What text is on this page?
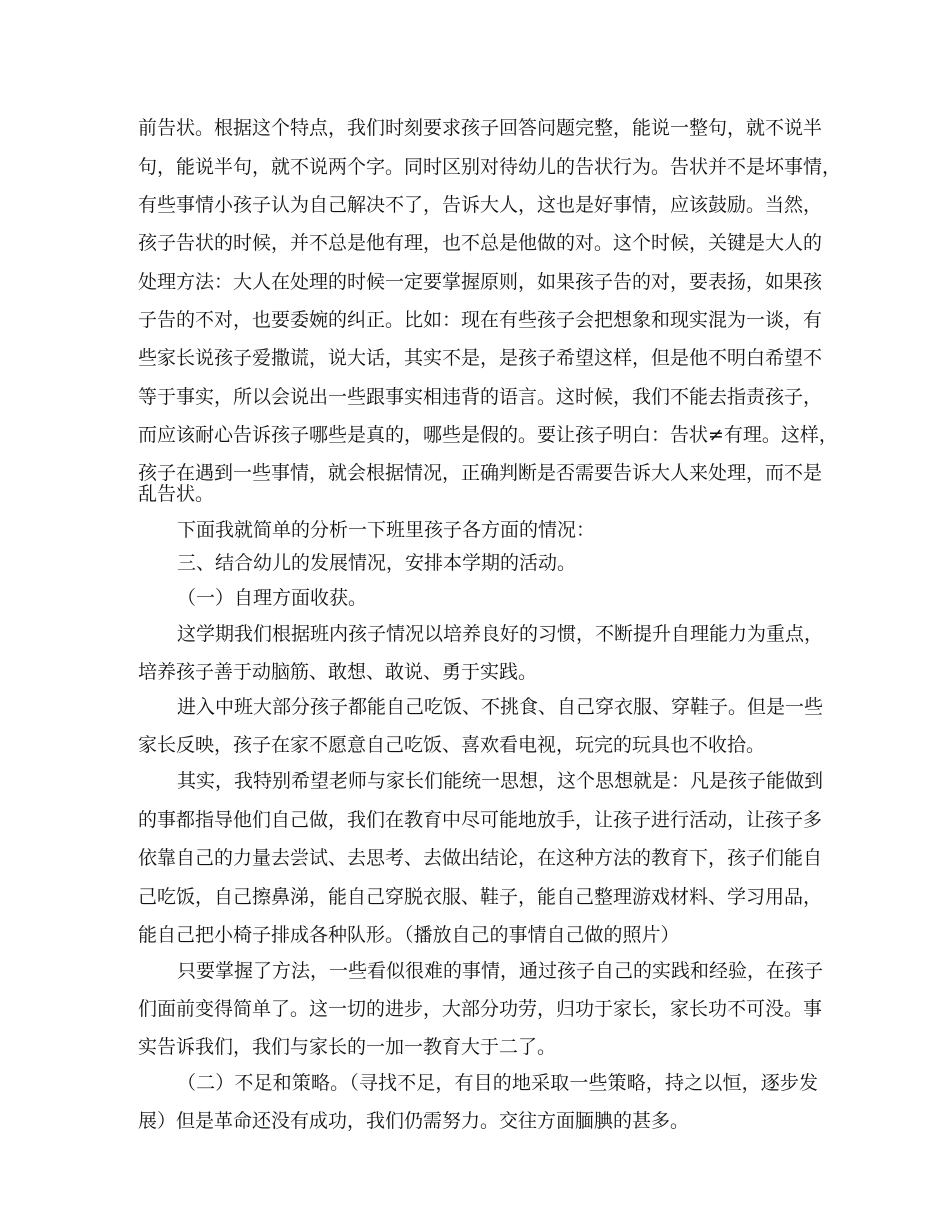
前告状。根据这个特点，我们时刻要求孩子回答问题完整，能说一整句，就不说半
句，能说半句，就不说两个字。同时区别对待幼儿的告状行为。告状并不是坏事情，
有些事情小孩子认为自己解决不了，告诉大人，这也是好事情，应该鼓励。当然，
孩子告状的时候，并不总是他有理，也不总是他做的对。这个时候，关键是大人的
处理方法：大人在处理的时候一定要掌握原则，如果孩子告的对，要表扬，如果孩
子告的不对，也要委婉的纠正。比如：现在有些孩子会把想象和现实混为一谈，有
些家长说孩子爱撒谎，说大话，其实不是，是孩子希望这样，但是他不明白希望不
等于事实，所以会说出一些跟事实相违背的语言。这时候，我们不能去指责孩子，
而应该耐心告诉孩子哪些是真的，哪些是假的。要让孩子明白：告状≠有理。这样，
孩子在遇到一些事情，就会根据情况，正确判断是否需要告诉大人来处理，而不是
乱告状。
下面我就简单的分析一下班里孩子各方面的情况：
三、结合幼儿的发展情况，安排本学期的活动。
（一）自理方面收获。
这学期我们根据班内孩子情况以培养良好的习惯，不断提升自理能力为重点，
培养孩子善于动脑筋、敢想、敢说、勇于实践。
进入中班大部分孩子都能自己吃饭、不挑食、自己穿衣服、穿鞋子。但是一些
家长反映，孩子在家不愿意自己吃饭、喜欢看电视，玩完的玩具也不收拾。
其实，我特别希望老师与家长们能统一思想，这个思想就是：凡是孩子能做到
的事都指导他们自己做，我们在教育中尽可能地放手，让孩子进行活动，让孩子多
依靠自己的力量去尝试、去思考、去做出结论，在这种方法的教育下，孩子们能自
己吃饭，自己擦鼻涕，能自己穿脱衣服、鞋子，能自己整理游戏材料、学习用品，
能自己把小椅子排成各种队形。（播放自己的事情自己做的照片）
只要掌握了方法，一些看似很难的事情，通过孩子自己的实践和经验，在孩子
们面前变得简单了。这一切的进步，大部分功劳，归功于家长，家长功不可没。事
实告诉我们，我们与家长的一加一教育大于二了。
（二）不足和策略。（寻找不足，有目的地采取一些策略，持之以恒，逐步发
展）但是革命还没有成功，我们仍需努力。交往方面腼腆的甚多。
